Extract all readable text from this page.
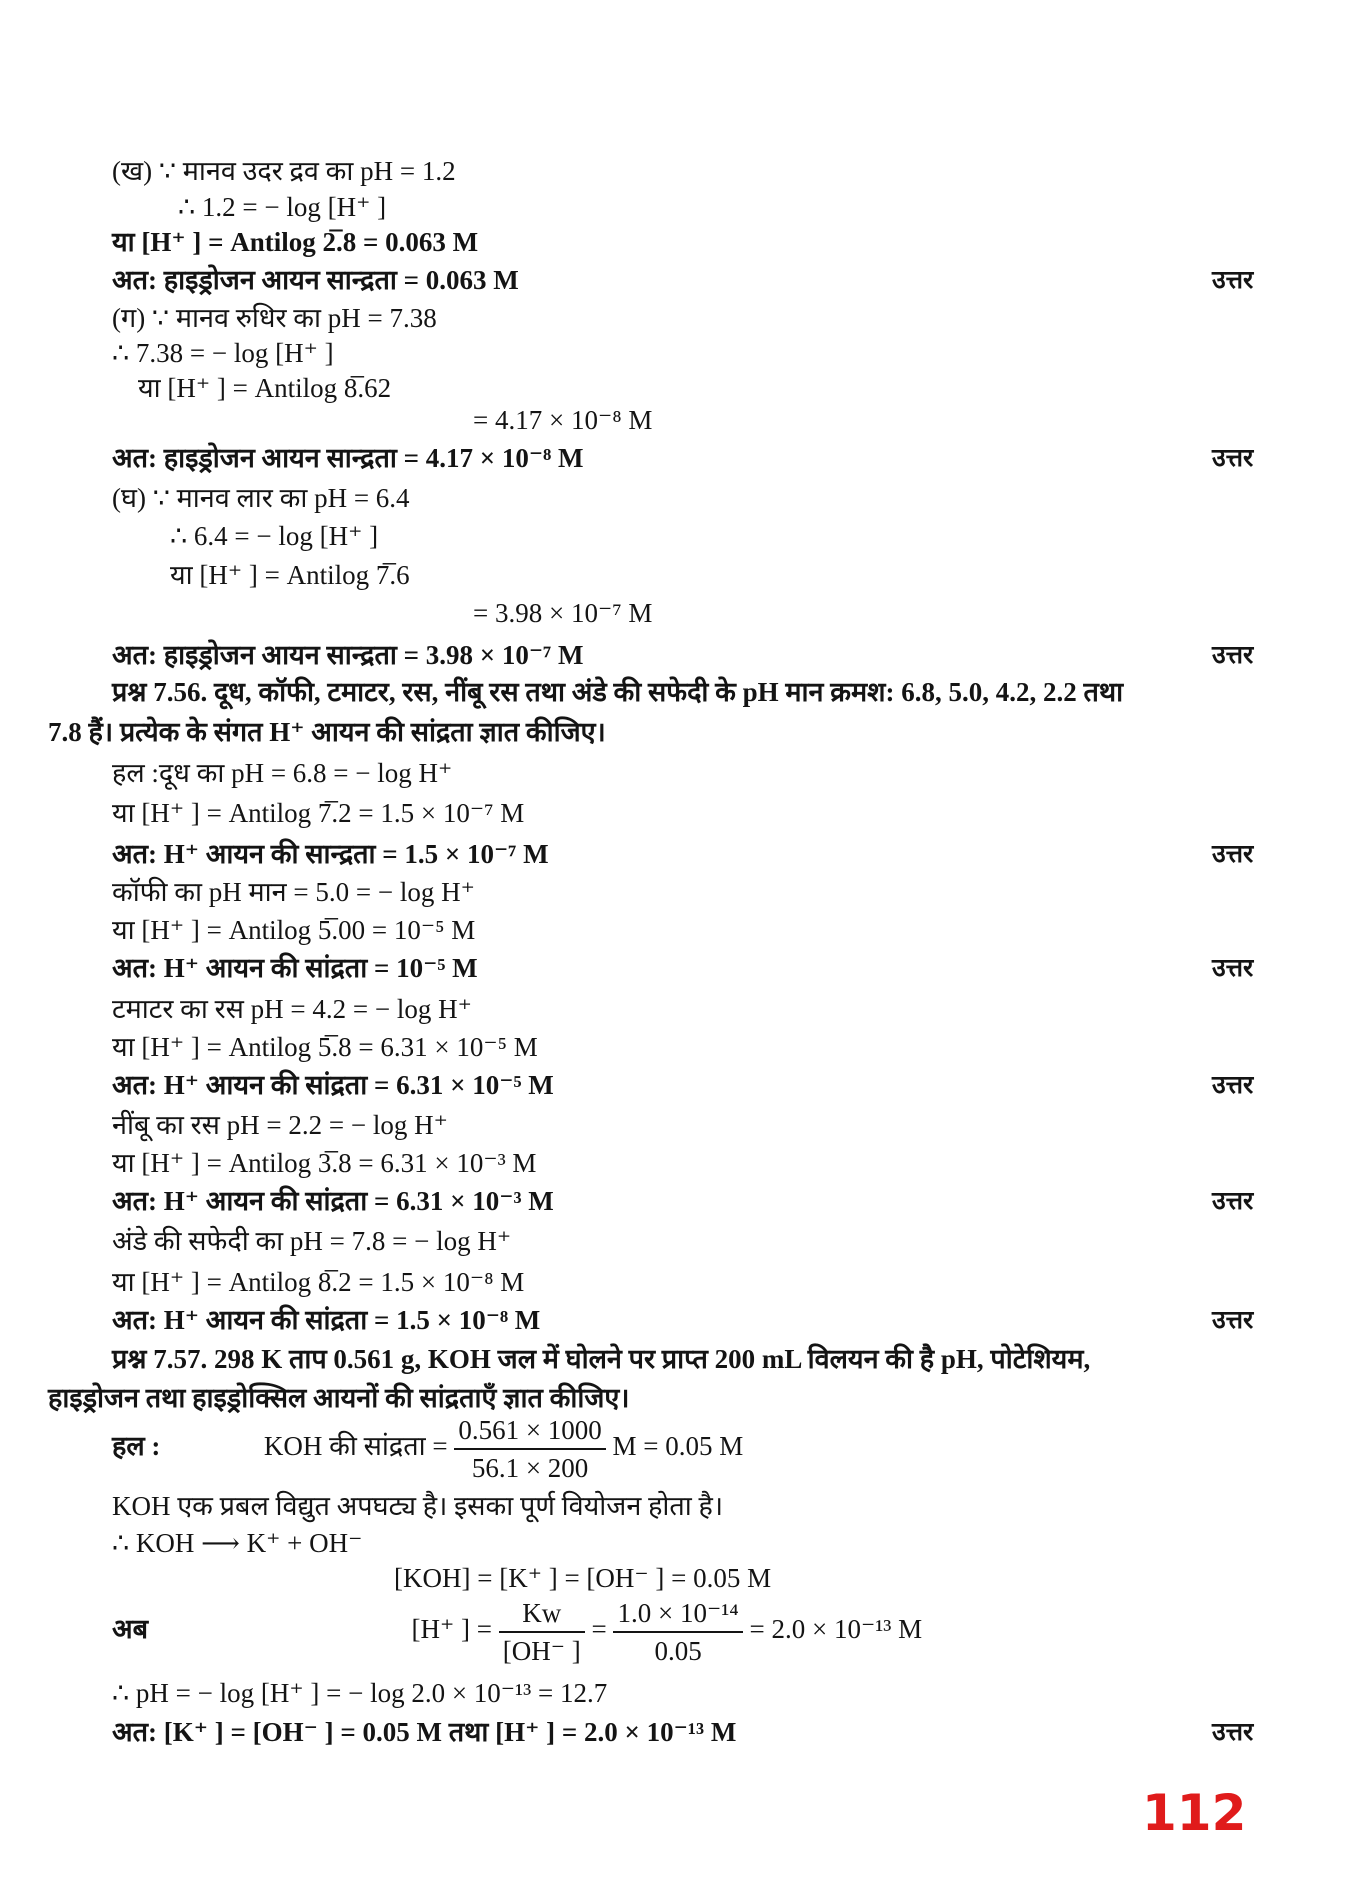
(ख) ∵ मानव उदर द्रव का pH = 1.2
∴ 1.2 = − log [H⁺ ]
या [H⁺ ] = Antilog 2̅.8 = 0.063 M
अत: हाइड्रोजन आयन सान्द्रता = 0.063 M	उत्तर
(ग) ∵ मानव रुधिर का pH = 7.38
∴ 7.38 = − log [H⁺ ]
या [H⁺ ] = Antilog 8̅.62
= 4.17 × 10⁻⁸ M
अत: हाइड्रोजन आयन सान्द्रता = 4.17 × 10⁻⁸ M	उत्तर
(घ) ∵ मानव लार का pH = 6.4
∴ 6.4 = − log [H⁺ ]
या [H⁺ ] = Antilog 7̅.6
= 3.98 × 10⁻⁷ M
अत: हाइड्रोजन आयन सान्द्रता = 3.98 × 10⁻⁷ M	उत्तर
प्रश्न 7.56. दूध, कॉफी, टमाटर, रस, नींबू रस तथा अंडे की सफेदी के pH मान क्रमश: 6.8, 5.0, 4.2, 2.2 तथा
7.8 हैं। प्रत्येक के संगत H⁺ आयन की सांद्रता ज्ञात कीजिए।
हल :दूध का pH = 6.8 = − log H⁺
या [H⁺ ] = Antilog 7̅.2 = 1.5 × 10⁻⁷ M
अत: H⁺ आयन की सान्द्रता = 1.5 × 10⁻⁷ M	उत्तर
कॉफी का pH मान = 5.0 = − log H⁺
या [H⁺ ] = Antilog 5̅.00 = 10⁻⁵ M
अत: H⁺ आयन की सांद्रता = 10⁻⁵ M	उत्तर
टमाटर का रस pH = 4.2 = − log H⁺
या [H⁺ ] = Antilog 5̅.8 = 6.31 × 10⁻⁵ M
अत: H⁺ आयन की सांद्रता = 6.31 × 10⁻⁵ M	उत्तर
नींबू का रस pH = 2.2 = − log H⁺
या [H⁺ ] = Antilog 3̅.8 = 6.31 × 10⁻³ M
अत: H⁺ आयन की सांद्रता = 6.31 × 10⁻³ M	उत्तर
अंडे की सफेदी का pH = 7.8 = − log H⁺
या [H⁺ ] = Antilog 8̅.2 = 1.5 × 10⁻⁸ M
अत: H⁺ आयन की सांद्रता = 1.5 × 10⁻⁸ M	उत्तर
प्रश्न 7.57. 298 K ताप 0.561 g, KOH जल में घोलने पर प्राप्त 200 mL विलयन की है pH, पोटेशियम,
हाइड्रोजन तथा हाइड्रोक्सिल आयनों की सांद्रताएँ ज्ञात कीजिए।
हल :	KOH की सांद्रता = $\frac{0.561 \times 1000}{56.1 \times 200}$ M = 0.05 M
KOH एक प्रबल विद्युत अपघट्य है। इसका पूर्ण वियोजन होता है।
∴ KOH ⟶ K⁺ + OH⁻
[KOH] = [K⁺ ] = [OH⁻ ] = 0.05 M
अब	[H⁺ ] = $\frac{Kw}{[OH^- ]} = \frac{\text{1.0 × 10⁻¹⁴}}{0.05} = 2.0 \times 10^{-13}$ M
∴ pH = − log [H⁺ ] = − log 2.0 × 10⁻¹³ = 12.7
अत: [K⁺ ] = [OH⁻ ] = 0.05 M तथा [H⁺ ] = 2.0 × 10⁻¹³ M	उत्तर
112
